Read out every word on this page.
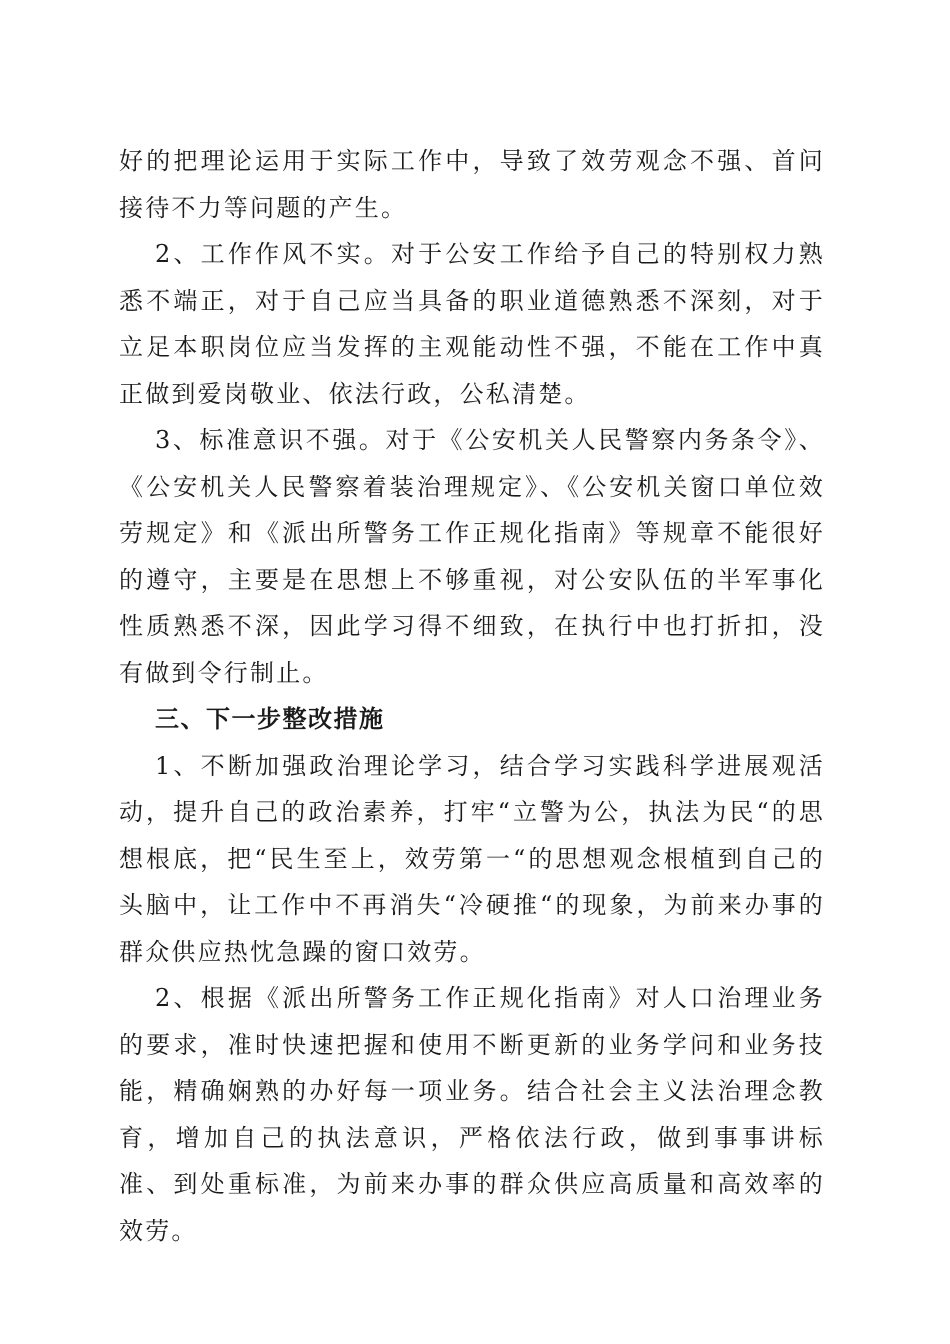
好的把理论运用于实际工作中，导致了效劳观念不强、首问接待不力等问题的产生。

2、工作作风不实。对于公安工作给予自己的特别权力熟悉不端正，对于自己应当具备的职业道德熟悉不深刻，对于立足本职岗位应当发挥的主观能动性不强，不能在工作中真正做到爱岗敬业、依法行政，公私清楚。

3、标准意识不强。对于《公安机关人民警察内务条令》、《公安机关人民警察着装治理规定》、《公安机关窗口单位效劳规定》和《派出所警务工作正规化指南》等规章不能很好的遵守，主要是在思想上不够重视，对公安队伍的半军事化性质熟悉不深，因此学习得不细致，在执行中也打折扣，没有做到令行制止。

三、下一步整改措施

1、不断加强政治理论学习，结合学习实践科学进展观活动，提升自己的政治素养，打牢“立警为公，执法为民“的思想根底，把“民生至上，效劳第一“的思想观念根植到自己的头脑中，让工作中不再消失“冷硬推“的现象，为前来办事的群众供应热忱急躁的窗口效劳。

2、根据《派出所警务工作正规化指南》对人口治理业务的要求，准时快速把握和使用不断更新的业务学问和业务技能，精确娴熟的办好每一项业务。结合社会主义法治理念教育，增加自己的执法意识，严格依法行政，做到事事讲标准、到处重标准，为前来办事的群众供应高质量和高效率的效劳。
